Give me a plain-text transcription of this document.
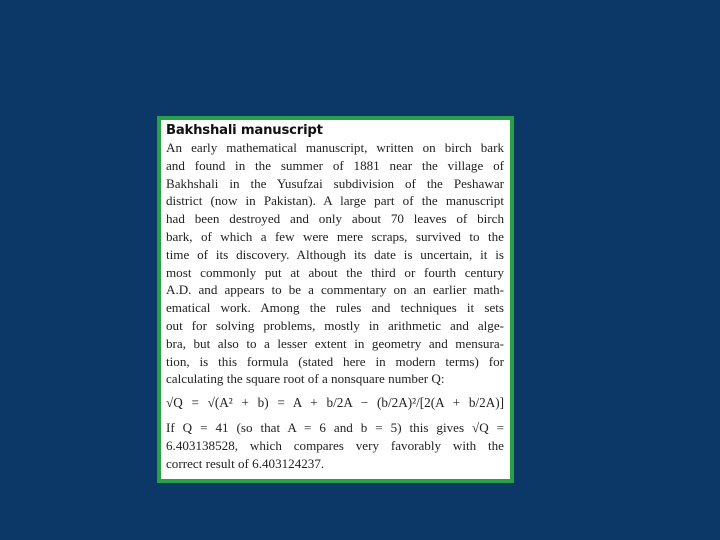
Bakhshali manuscript
An early mathematical manuscript, written on birch bark
and found in the summer of 1881 near the village of
Bakhshali in the Yusufzai subdivision of the Peshawar
district (now in Pakistan). A large part of the manuscript
had been destroyed and only about 70 leaves of birch
bark, of which a few were mere scraps, survived to the
time of its discovery. Although its date is uncertain, it is
most commonly put at about the third or fourth century
A.D. and appears to be a commentary on an earlier math-
ematical work. Among the rules and techniques it sets
out for solving problems, mostly in arithmetic and alge-
bra, but also to a lesser extent in geometry and mensura-
tion, is this formula (stated here in modern terms) for
calculating the square root of a nonsquare number Q:
√Q = √(A² + b) = A + b/2A − (b/2A)²/[2(A + b/2A)]
If Q = 41 (so that A = 6 and b = 5) this gives √Q =
6.403138528, which compares very favorably with the
correct result of 6.403124237.
